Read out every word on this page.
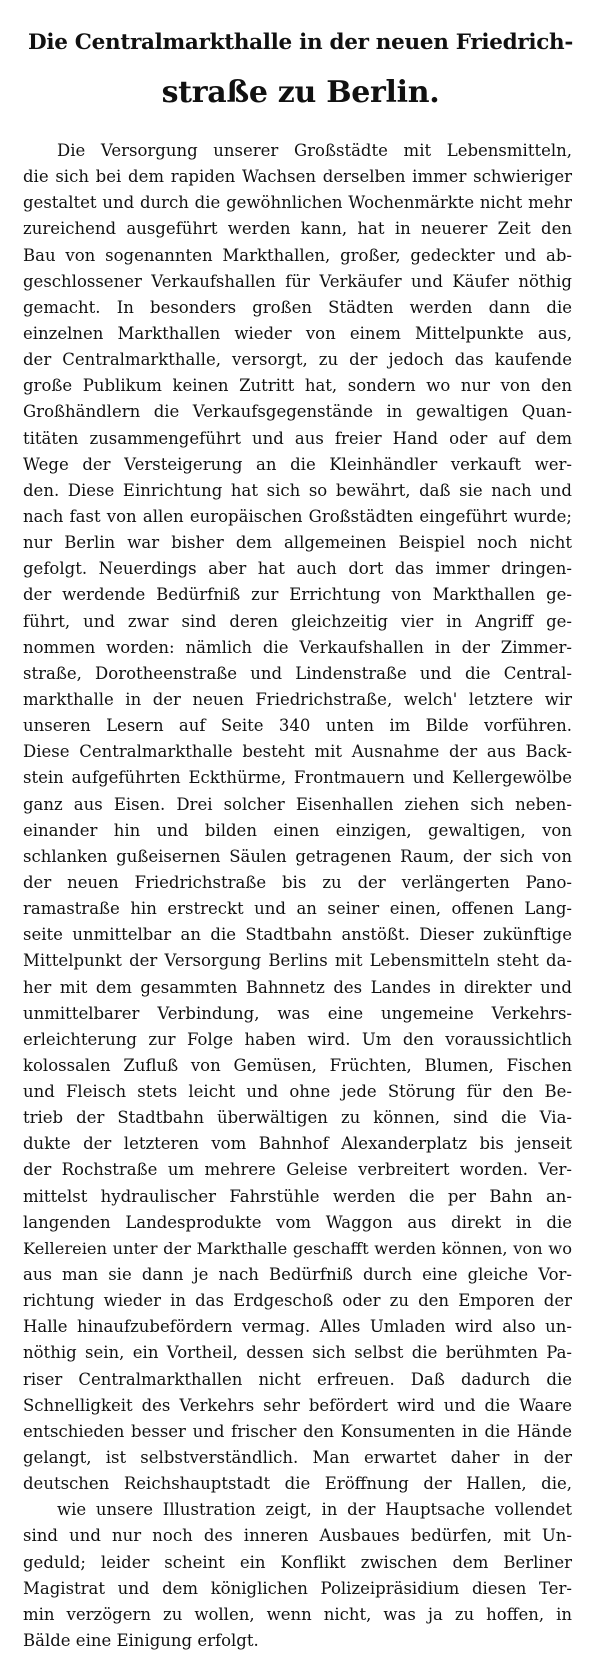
Die Centralmarkthalle in der neuen Friedrich-
straße zu Berlin.
Die Versorgung unserer Großstädte mit Lebensmitteln,
die sich bei dem rapiden Wachsen derselben immer schwieriger
gestaltet und durch die gewöhnlichen Wochenmärkte nicht mehr
zureichend ausgeführt werden kann, hat in neuerer Zeit den
Bau von sogenannten Markthallen, großer, gedeckter und ab-
geschlossener Verkaufshallen für Verkäufer und Käufer nöthig
gemacht. In besonders großen Städten werden dann die
einzelnen Markthallen wieder von einem Mittelpunkte aus,
der Centralmarkthalle, versorgt, zu der jedoch das kaufende
große Publikum keinen Zutritt hat, sondern wo nur von den
Großhändlern die Verkaufsgegenstände in gewaltigen Quan-
titäten zusammengeführt und aus freier Hand oder auf dem
Wege der Versteigerung an die Kleinhändler verkauft wer-
den. Diese Einrichtung hat sich so bewährt, daß sie nach und
nach fast von allen europäischen Großstädten eingeführt wurde;
nur Berlin war bisher dem allgemeinen Beispiel noch nicht
gefolgt. Neuerdings aber hat auch dort das immer dringen-
der werdende Bedürfniß zur Errichtung von Markthallen ge-
führt, und zwar sind deren gleichzeitig vier in Angriff ge-
nommen worden: nämlich die Verkaufshallen in der Zimmer-
straße, Dorotheenstraße und Lindenstraße und die Central-
markthalle in der neuen Friedrichstraße, welch' letztere wir
unseren Lesern auf Seite 340 unten im Bilde vorführen.
Diese Centralmarkthalle besteht mit Ausnahme der aus Back-
stein aufgeführten Eckthürme, Frontmauern und Kellergewölbe
ganz aus Eisen. Drei solcher Eisenhallen ziehen sich neben-
einander hin und bilden einen einzigen, gewaltigen, von
schlanken gußeisernen Säulen getragenen Raum, der sich von
der neuen Friedrichstraße bis zu der verlängerten Pano-
ramastraße hin erstreckt und an seiner einen, offenen Lang-
seite unmittelbar an die Stadtbahn anstößt. Dieser zukünftige
Mittelpunkt der Versorgung Berlins mit Lebensmitteln steht da-
her mit dem gesammten Bahnnetz des Landes in direkter und
unmittelbarer Verbindung, was eine ungemeine Verkehrs-
erleichterung zur Folge haben wird. Um den voraussichtlich
kolossalen Zufluß von Gemüsen, Früchten, Blumen, Fischen
und Fleisch stets leicht und ohne jede Störung für den Be-
trieb der Stadtbahn überwältigen zu können, sind die Via-
dukte der letzteren vom Bahnhof Alexanderplatz bis jenseit
der Rochstraße um mehrere Geleise verbreitert worden. Ver-
mittelst hydraulischer Fahrstühle werden die per Bahn an-
langenden Landesprodukte vom Waggon aus direkt in die
Kellereien unter der Markthalle geschafft werden können, von wo
aus man sie dann je nach Bedürfniß durch eine gleiche Vor-
richtung wieder in das Erdgeschoß oder zu den Emporen der
Halle hinaufzubefördern vermag. Alles Umladen wird also un-
nöthig sein, ein Vortheil, dessen sich selbst die berühmten Pa-
riser Centralmarkthallen nicht erfreuen. Daß dadurch die
Schnelligkeit des Verkehrs sehr befördert wird und die Waare
entschieden besser und frischer den Konsumenten in die Hände
gelangt, ist selbstverständlich. Man erwartet daher in der
deutschen Reichshauptstadt die Eröffnung der Hallen, die,
wie unsere Illustration zeigt, in der Hauptsache vollendet
sind und nur noch des inneren Ausbaues bedürfen, mit Un-
geduld; leider scheint ein Konflikt zwischen dem Berliner
Magistrat und dem königlichen Polizeipräsidium diesen Ter-
min verzögern zu wollen, wenn nicht, was ja zu hoffen, in
Bälde eine Einigung erfolgt.
